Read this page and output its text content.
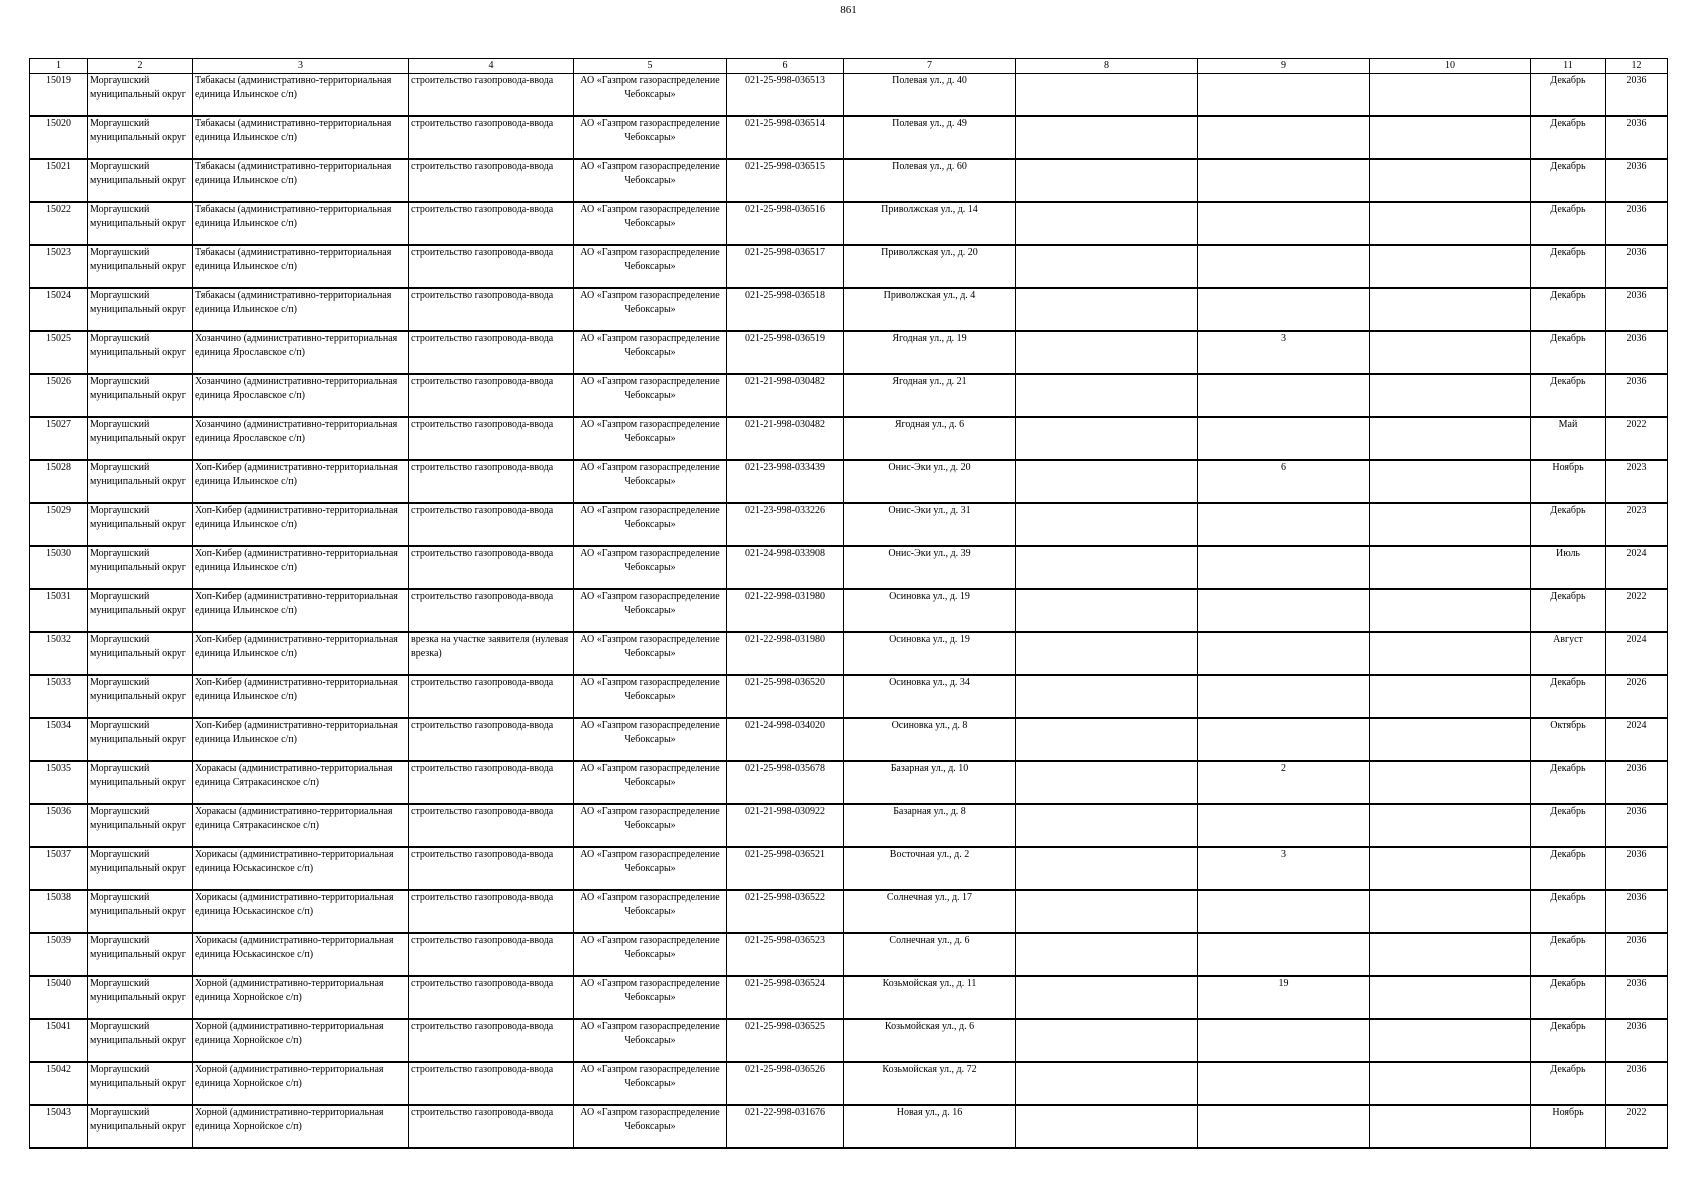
861
1	2	3	4	5	6	7	8	9	10	11	12

15019	Моргаушский муниципальный округ	Тябакасы (административно-территориальная единица Ильинское с/п)	строительство газопровода-ввода	АО «Газпром газораспределение Чебоксары»	021-25-998-036513	Полевая ул., д. 40				Декабрь	2036

15020	Моргаушский муниципальный округ	Тябакасы (административно-территориальная единица Ильинское с/п)	строительство газопровода-ввода	АО «Газпром газораспределение Чебоксары»	021-25-998-036514	Полевая ул., д. 49				Декабрь	2036

15021	Моргаушский муниципальный округ	Тябакасы (административно-территориальная единица Ильинское с/п)	строительство газопровода-ввода	АО «Газпром газораспределение Чебоксары»	021-25-998-036515	Полевая ул., д. 60				Декабрь	2036

15022	Моргаушский муниципальный округ	Тябакасы (административно-территориальная единица Ильинское с/п)	строительство газопровода-ввода	АО «Газпром газораспределение Чебоксары»	021-25-998-036516	Приволжская ул., д. 14				Декабрь	2036

15023	Моргаушский муниципальный округ	Тябакасы (административно-территориальная единица Ильинское с/п)	строительство газопровода-ввода	АО «Газпром газораспределение Чебоксары»	021-25-998-036517	Приволжская ул., д. 20				Декабрь	2036

15024	Моргаушский муниципальный округ	Тябакасы (административно-территориальная единица Ильинское с/п)	строительство газопровода-ввода	АО «Газпром газораспределение Чебоксары»	021-25-998-036518	Приволжская ул., д. 4				Декабрь	2036

15025	Моргаушский муниципальный округ	Хозанчино (административно-территориальная единица Ярославское с/п)	строительство газопровода-ввода	АО «Газпром газораспределение Чебоксары»	021-25-998-036519	Ягодная ул., д. 19		3		Декабрь	2036

15026	Моргаушский муниципальный округ	Хозанчино (административно-территориальная единица Ярославское с/п)	строительство газопровода-ввода	АО «Газпром газораспределение Чебоксары»	021-21-998-030482	Ягодная ул., д. 21				Декабрь	2036

15027	Моргаушский муниципальный округ	Хозанчино (административно-территориальная единица Ярославское с/п)	строительство газопровода-ввода	АО «Газпром газораспределение Чебоксары»	021-21-998-030482	Ягодная ул., д. 6				Май	2022

15028	Моргаушский муниципальный округ	Хоп-Кибер (административно-территориальная единица Ильинское с/п)	строительство газопровода-ввода	АО «Газпром газораспределение Чебоксары»	021-23-998-033439	Онис-Эки ул., д. 20		6		Ноябрь	2023

15029	Моргаушский муниципальный округ	Хоп-Кибер (административно-территориальная единица Ильинское с/п)	строительство газопровода-ввода	АО «Газпром газораспределение Чебоксары»	021-23-998-033226	Онис-Эки ул., д. 31				Декабрь	2023

15030	Моргаушский муниципальный округ	Хоп-Кибер (административно-территориальная единица Ильинское с/п)	строительство газопровода-ввода	АО «Газпром газораспределение Чебоксары»	021-24-998-033908	Онис-Эки ул., д. 39				Июль	2024

15031	Моргаушский муниципальный округ	Хоп-Кибер (административно-территориальная единица Ильинское с/п)	строительство газопровода-ввода	АО «Газпром газораспределение Чебоксары»	021-22-998-031980	Осиновка ул., д. 19				Декабрь	2022

15032	Моргаушский муниципальный округ	Хоп-Кибер (административно-территориальная единица Ильинское с/п)	врезка на участке заявителя (нулевая врезка)	АО «Газпром газораспределение Чебоксары»	021-22-998-031980	Осиновка ул., д. 19				Август	2024

15033	Моргаушский муниципальный округ	Хоп-Кибер (административно-территориальная единица Ильинское с/п)	строительство газопровода-ввода	АО «Газпром газораспределение Чебоксары»	021-25-998-036520	Осиновка ул., д. 34				Декабрь	2026

15034	Моргаушский муниципальный округ	Хоп-Кибер (административно-территориальная единица Ильинское с/п)	строительство газопровода-ввода	АО «Газпром газораспределение Чебоксары»	021-24-998-034020	Осиновка ул., д. 8				Октябрь	2024

15035	Моргаушский муниципальный округ	Хоракасы (административно-территориальная единица Сятракасинское с/п)	строительство газопровода-ввода	АО «Газпром газораспределение Чебоксары»	021-25-998-035678	Базарная ул., д. 10		2		Декабрь	2036

15036	Моргаушский муниципальный округ	Хоракасы (административно-территориальная единица Сятракасинское с/п)	строительство газопровода-ввода	АО «Газпром газораспределение Чебоксары»	021-21-998-030922	Базарная ул., д. 8				Декабрь	2036

15037	Моргаушский муниципальный округ	Хорикасы (административно-территориальная единица Юськасинское с/п)	строительство газопровода-ввода	АО «Газпром газораспределение Чебоксары»	021-25-998-036521	Восточная ул., д. 2		3		Декабрь	2036

15038	Моргаушский муниципальный округ	Хорикасы (административно-территориальная единица Юськасинское с/п)	строительство газопровода-ввода	АО «Газпром газораспределение Чебоксары»	021-25-998-036522	Солнечная ул., д. 17				Декабрь	2036

15039	Моргаушский муниципальный округ	Хорикасы (административно-территориальная единица Юськасинское с/п)	строительство газопровода-ввода	АО «Газпром газораспределение Чебоксары»	021-25-998-036523	Солнечная ул., д. 6				Декабрь	2036

15040	Моргаушский муниципальный округ	Хорной (административно-территориальная единица Хорнойское с/п)	строительство газопровода-ввода	АО «Газпром газораспределение Чебоксары»	021-25-998-036524	Козьмойская ул., д. 11		19		Декабрь	2036

15041	Моргаушский муниципальный округ	Хорной (административно-территориальная единица Хорнойское с/п)	строительство газопровода-ввода	АО «Газпром газораспределение Чебоксары»	021-25-998-036525	Козьмойская ул., д. 6				Декабрь	2036

15042	Моргаушский муниципальный округ	Хорной (административно-территориальная единица Хорнойское с/п)	строительство газопровода-ввода	АО «Газпром газораспределение Чебоксары»	021-25-998-036526	Козьмойская ул., д. 72				Декабрь	2036

15043	Моргаушский муниципальный округ	Хорной (административно-территориальная единица Хорнойское с/п)	строительство газопровода-ввода	АО «Газпром газораспределение Чебоксары»	021-22-998-031676	Новая ул., д. 16				Ноябрь	2022
